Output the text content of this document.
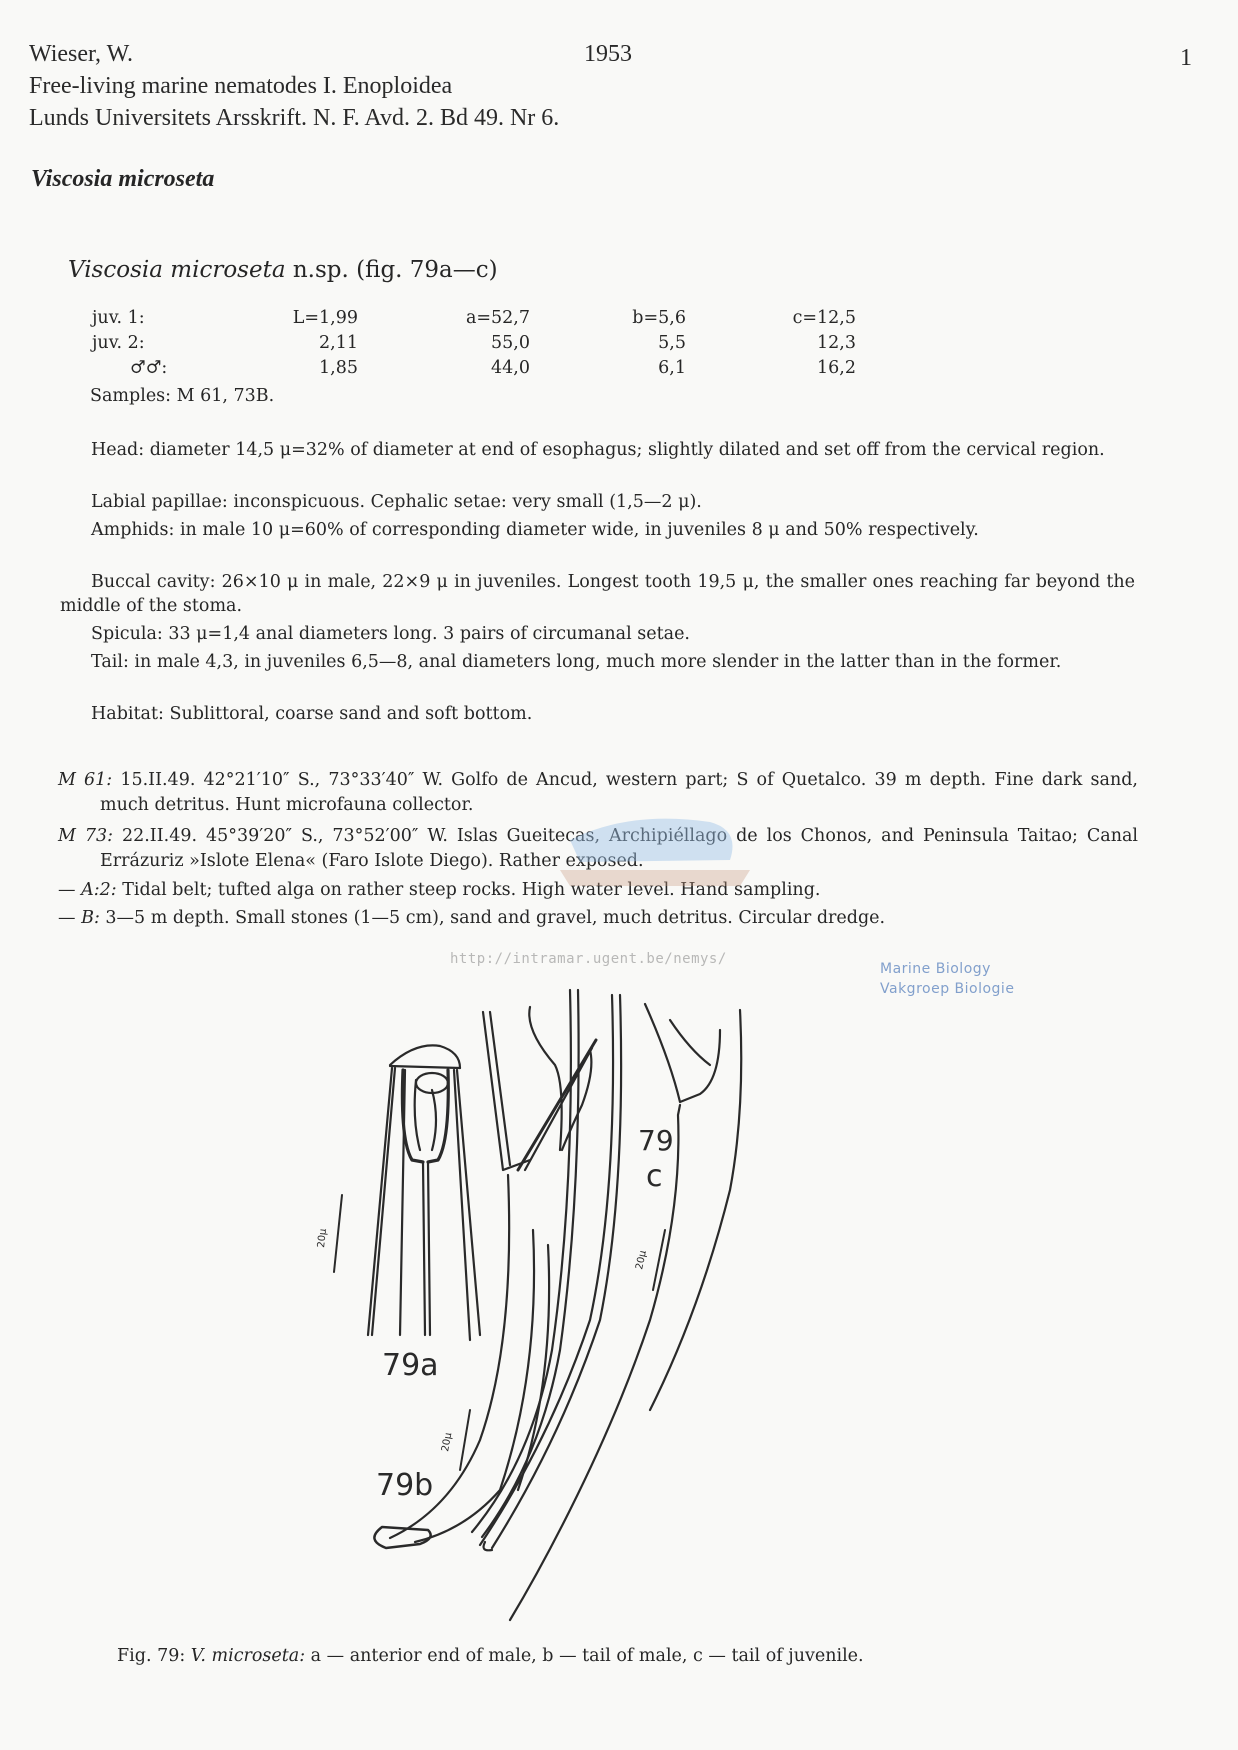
Wieser, W.	1953	1
Free-living marine nematodes I. Enoploidea
Lunds Universitets Arsskrift. N. F. Avd. 2. Bd 49. Nr 6.
Viscosia microseta
Viscosia microseta n.sp. (fig. 79a—c)
juv. 1:	L=1,99	a=52,7	b=5,6	c=12,5
juv. 2:	2,11	55,0	5,5	12,3
♂♂:	1,85	44,0	6,1	16,2
Samples: M 61, 73B.

Head: diameter 14,5 μ=32% of diameter at end of esophagus; slightly dilated and set off from the cervical region.

Labial papillae: inconspicuous. Cephalic setae: very small (1,5—2 μ).

Amphids: in male 10 μ=60% of corresponding diameter wide, in juveniles 8 μ and 50% respectively.

Buccal cavity: 26×10 μ in male, 22×9 μ in juveniles. Longest tooth 19,5 μ, the smaller ones reaching far beyond the middle of the stoma.

Spicula: 33 μ=1,4 anal diameters long. 3 pairs of circumanal setae.

Tail: in male 4,3, in juveniles 6,5—8, anal diameters long, much more slender in the latter than in the former.

Habitat: Sublittoral, coarse sand and soft bottom.

M 61: 15.II.49. 42°21′10″ S., 73°33′40″ W. Golfo de Ancud, western part; S of Quetalco. 39 m depth. Fine dark sand, much detritus. Hunt microfauna collector.

M 73: 22.II.49. 45°39′20″ S., 73°52′00″ W. Islas Gueitecas, Archipiéllago de los Chonos, and Peninsula Taitao; Canal Errázuriz »Islote Elena« (Faro Islote Diego). Rather exposed.

— A:2: Tidal belt; tufted alga on rather steep rocks. High water level. Hand sampling.

— B: 3—5 m depth. Small stones (1—5 cm), sand and gravel, much detritus. Circular dredge.

Marine Biology
Vakgroep Biologie
http://intramar.ugent.be/nemys/
20μ
79a
20μ
79b
20μ
79
c
Fig. 79: V. microseta: a — anterior end of male, b — tail of male, c — tail of juvenile.
